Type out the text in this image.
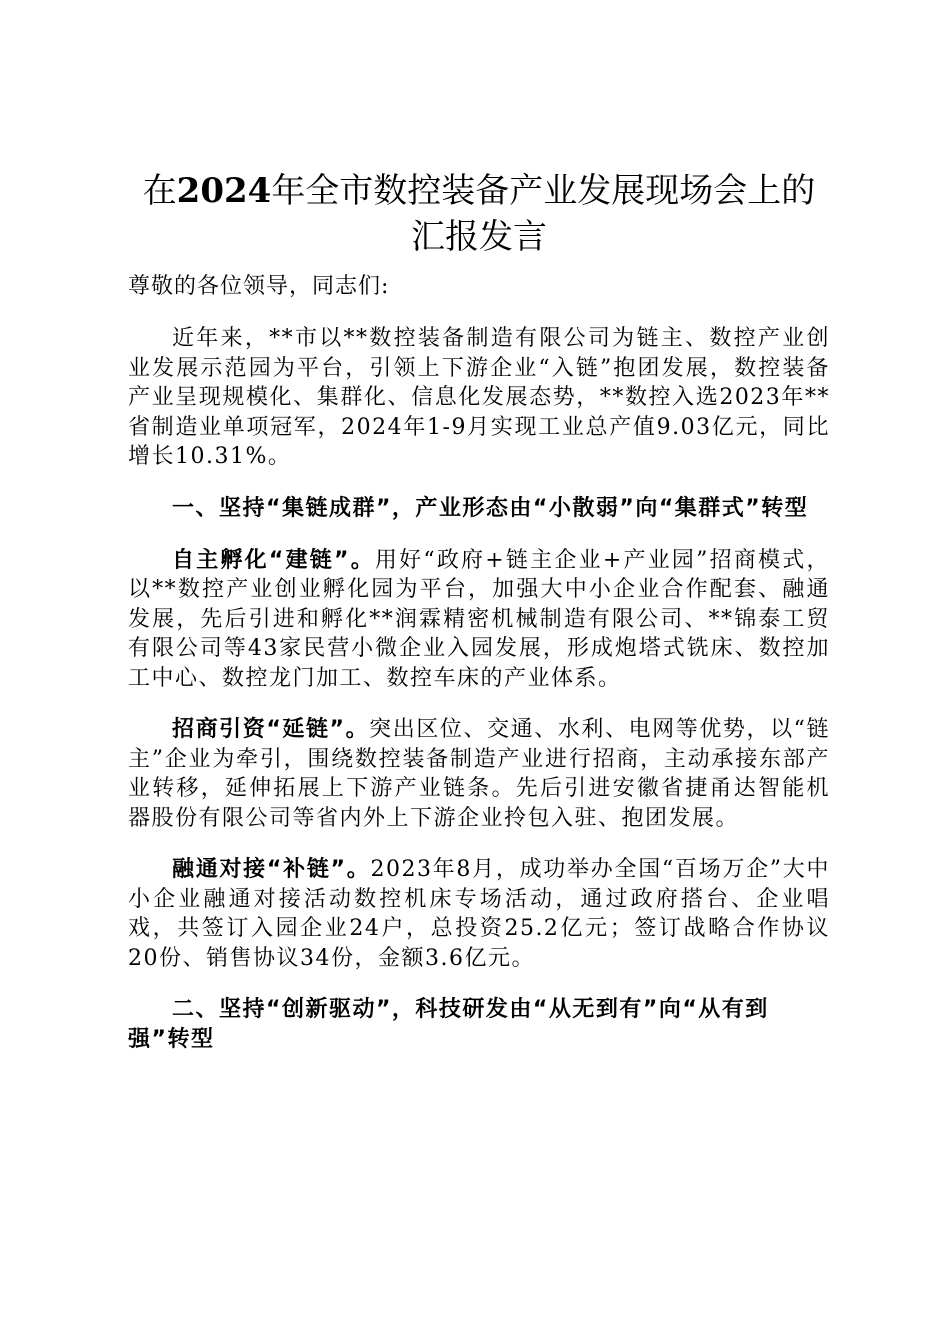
在2024年全市数控装备产业发展现场会上的
汇报发言

尊敬的各位领导，同志们:

近年来，**市以**数控装备制造有限公司为链主、数控产业创业发展示范园为平台，引领上下游企业“入链”抱团发展，数控装备产业呈现规模化、集群化、信息化发展态势，**数控入选2023年**省制造业单项冠军，2024年1-9月实现工业总产值9.03亿元，同比增长10.31%。

一、坚持“集链成群”，产业形态由“小散弱”向“集群式”转型

自主孵化“建链”。用好“政府+链主企业+产业园”招商模式，以**数控产业创业孵化园为平台，加强大中小企业合作配套、融通发展，先后引进和孵化**润霖精密机械制造有限公司、**锦泰工贸有限公司等43家民营小微企业入园发展，形成炮塔式铣床、数控加工中心、数控龙门加工、数控车床的产业体系。

招商引资“延链”。突出区位、交通、水利、电网等优势，以“链主”企业为牵引，围绕数控装备制造产业进行招商，主动承接东部产业转移，延伸拓展上下游产业链条。先后引进安徽省捷甬达智能机器股份有限公司等省内外上下游企业拎包入驻、抱团发展。

融通对接“补链”。2023年8月，成功举办全国“百场万企”大中小企业融通对接活动数控机床专场活动，通过政府搭台、企业唱戏，共签订入园企业24户，总投资25.2亿元；签订战略合作协议20份、销售协议34份，金额3.6亿元。

二、坚持“创新驱动”，科技研发由“从无到有”向“从有到强”转型
